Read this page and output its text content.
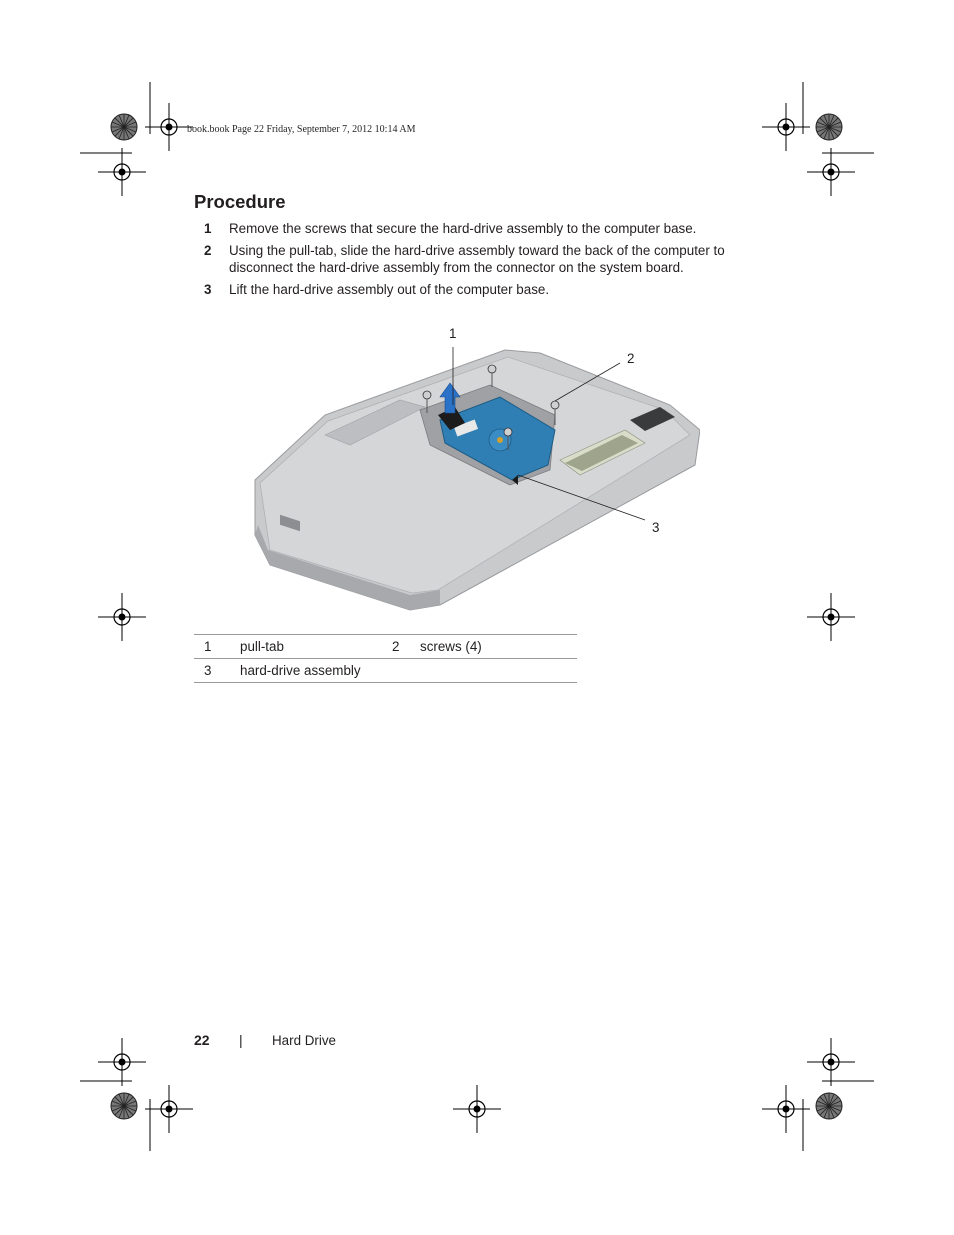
book.book Page 22 Friday, September 7, 2012 10:14 AM
Procedure
1 Remove the screws that secure the hard-drive assembly to the computer base.
2 Using the pull-tab, slide the hard-drive assembly toward the back of the computer to disconnect the hard-drive assembly from the connector on the system board.
3 Lift the hard-drive assembly out of the computer base.
1
2
3
1	pull-tab	2	screws (4)
3	hard-drive assembly		
22 | Hard Drive
